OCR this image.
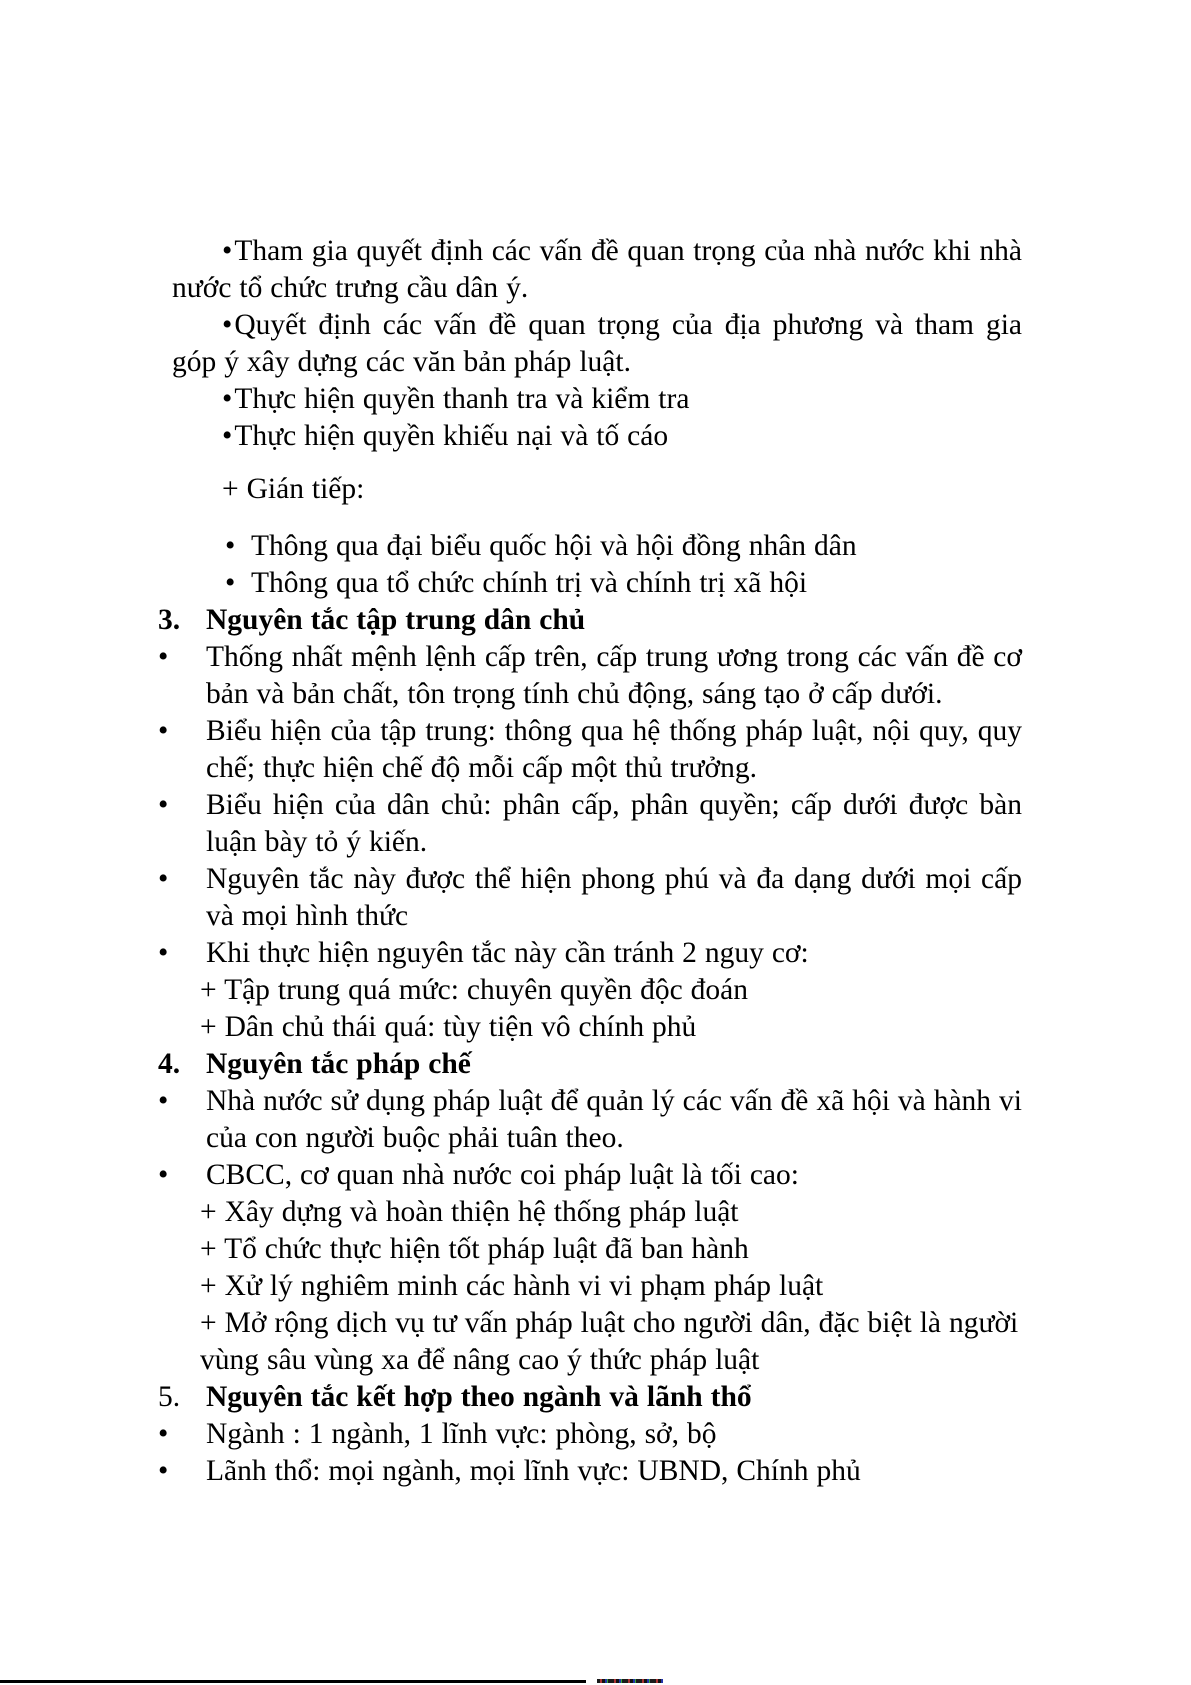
•Tham gia quyết định các vấn đề quan trọng của nhà nước khi nhà nước tổ chức trưng cầu dân ý.
•Quyết định các vấn đề quan trọng của địa phương và tham gia góp ý xây dựng các văn bản pháp luật.
•Thực hiện quyền thanh tra và kiểm tra
•Thực hiện quyền khiếu nại và tố cáo
+ Gián tiếp:
• Thông qua đại biểu quốc hội và hội đồng nhân dân
• Thông qua tổ chức chính trị và chính trị xã hội
3. Nguyên tắc tập trung dân chủ
•	Thống nhất mệnh lệnh cấp trên, cấp trung ương trong các vấn đề cơ bản và bản chất, tôn trọng tính chủ động, sáng tạo ở cấp dưới.
•	Biểu hiện của tập trung: thông qua hệ thống pháp luật, nội quy, quy chế; thực hiện chế độ mỗi cấp một thủ trưởng.
•	Biểu hiện của dân chủ: phân cấp, phân quyền; cấp dưới được bàn luận bày tỏ ý kiến.
•	Nguyên tắc này được thể hiện phong phú và đa dạng dưới mọi cấp và mọi hình thức
•	Khi thực hiện nguyên tắc này cần tránh 2 nguy cơ:
+ Tập trung quá mức: chuyên quyền độc đoán
+ Dân chủ thái quá: tùy tiện vô chính phủ
4. Nguyên tắc pháp chế
•	Nhà nước sử dụng pháp luật để quản lý các vấn đề xã hội và hành vi của con người buộc phải tuân theo.
•	CBCC, cơ quan nhà nước coi pháp luật là tối cao:
+ Xây dựng và hoàn thiện hệ thống pháp luật
+ Tổ chức thực hiện tốt pháp luật đã ban hành
+ Xử lý nghiêm minh các hành vi vi phạm pháp luật
+ Mở rộng dịch vụ tư vấn pháp luật cho người dân, đặc biệt là người vùng sâu vùng xa để nâng cao ý thức pháp luật
5. Nguyên tắc kết hợp theo ngành và lãnh thổ
•	Ngành : 1 ngành, 1 lĩnh vực: phòng, sở, bộ
•	Lãnh thổ: mọi ngành, mọi lĩnh vực: UBND, Chính phủ
